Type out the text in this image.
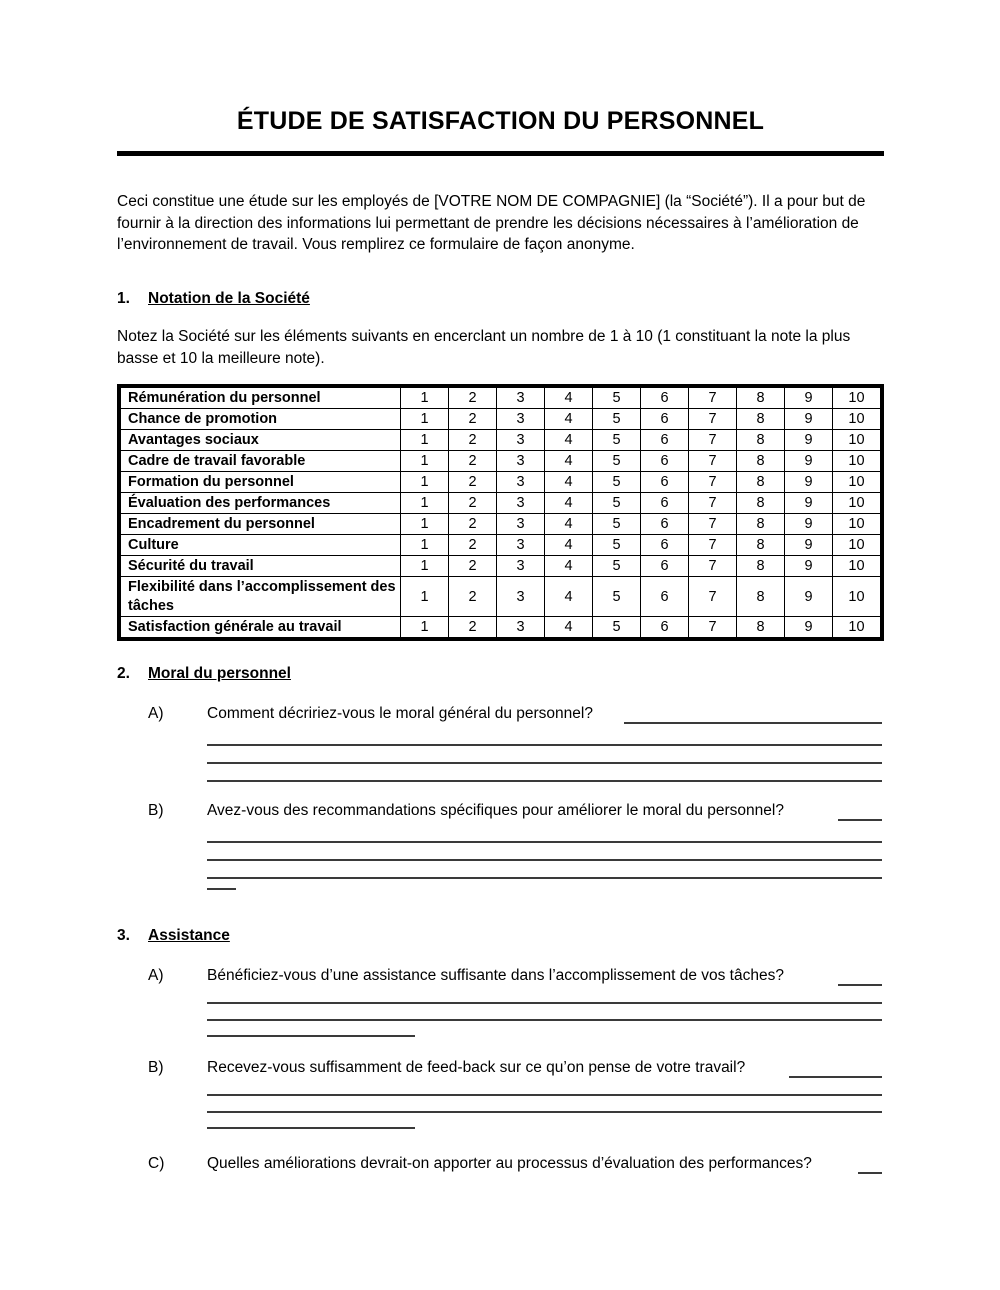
ÉTUDE DE SATISFACTION DU PERSONNEL
Ceci constitue une étude sur les employés de [VOTRE NOM DE COMPAGNIE] (la “Société”). Il a pour but de fournir à la direction des informations lui permettant de prendre les décisions nécessaires à l’amélioration de l’environnement de travail. Vous remplirez ce formulaire de façon anonyme.
1. Notation de la Société
Notez la Société sur les éléments suivants en encerclant un nombre de 1 à 10 (1 constituant la note la plus basse et 10 la meilleure note).
Rémunération du personnel	1	2	3	4	5	6	7	8	9	10
Chance de promotion	1	2	3	4	5	6	7	8	9	10
Avantages sociaux	1	2	3	4	5	6	7	8	9	10
Cadre de travail favorable	1	2	3	4	5	6	7	8	9	10
Formation du personnel	1	2	3	4	5	6	7	8	9	10
Évaluation des performances	1	2	3	4	5	6	7	8	9	10
Encadrement du personnel	1	2	3	4	5	6	7	8	9	10
Culture	1	2	3	4	5	6	7	8	9	10
Sécurité du travail	1	2	3	4	5	6	7	8	9	10
Flexibilité dans l’accomplissement des tâches	1	2	3	4	5	6	7	8	9	10
Satisfaction générale au travail	1	2	3	4	5	6	7	8	9	10
2. Moral du personnel
A)	Comment décririez-vous le moral général du personnel?
B)	Avez-vous des recommandations spécifiques pour améliorer le moral du personnel?
3. Assistance
A)	Bénéficiez-vous d’une assistance suffisante dans l’accomplissement de vos tâches?
B)	Recevez-vous suffisamment de feed-back sur ce qu’on pense de votre travail?
C)	Quelles améliorations devrait-on apporter au processus d’évaluation des performances?
